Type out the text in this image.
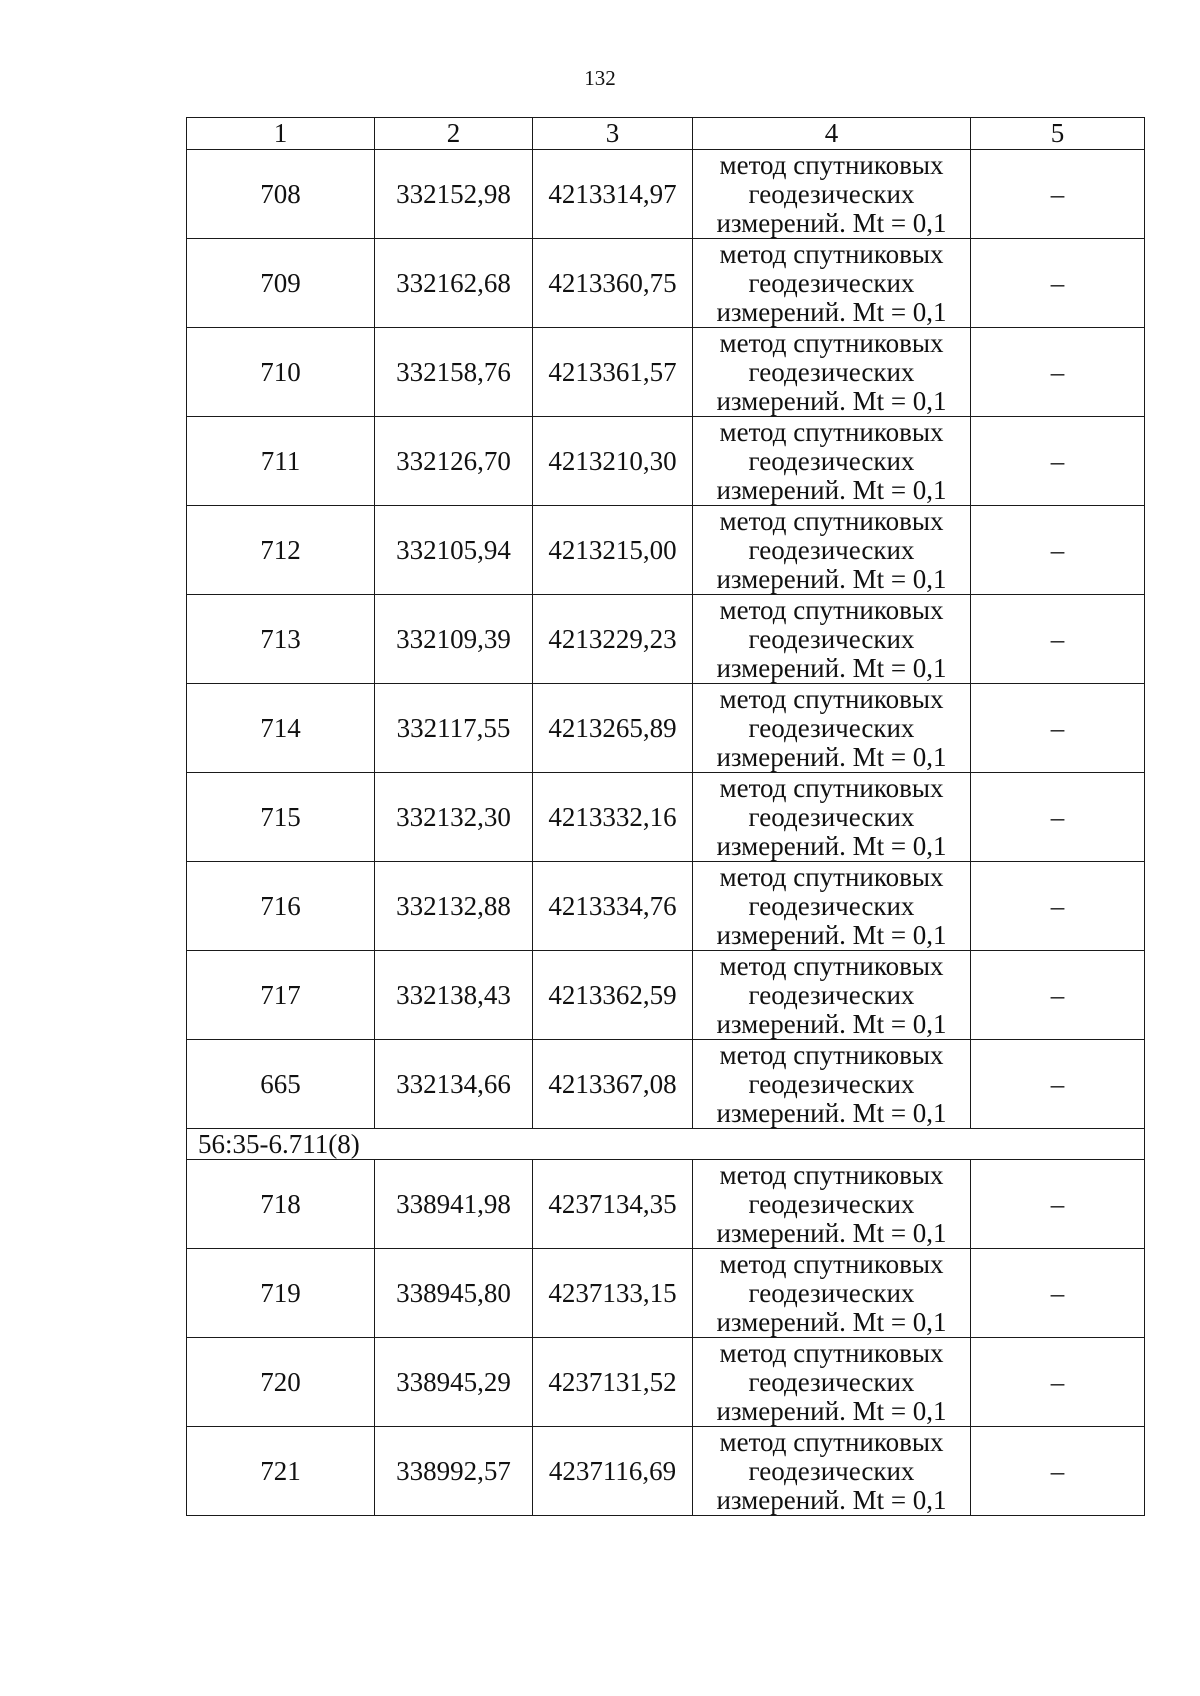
132
1	2	3	4	5
708	332152,98	4213314,97	метод спутниковых
геодезических
измерений. Mt = 0,1	–
709	332162,68	4213360,75	метод спутниковых
геодезических
измерений. Mt = 0,1	–
710	332158,76	4213361,57	метод спутниковых
геодезических
измерений. Mt = 0,1	–
711	332126,70	4213210,30	метод спутниковых
геодезических
измерений. Mt = 0,1	–
712	332105,94	4213215,00	метод спутниковых
геодезических
измерений. Mt = 0,1	–
713	332109,39	4213229,23	метод спутниковых
геодезических
измерений. Mt = 0,1	–
714	332117,55	4213265,89	метод спутниковых
геодезических
измерений. Mt = 0,1	–
715	332132,30	4213332,16	метод спутниковых
геодезических
измерений. Mt = 0,1	–
716	332132,88	4213334,76	метод спутниковых
геодезических
измерений. Mt = 0,1	–
717	332138,43	4213362,59	метод спутниковых
геодезических
измерений. Mt = 0,1	–
665	332134,66	4213367,08	метод спутниковых
геодезических
измерений. Mt = 0,1	–
56:35-6.711(8)				
718	338941,98	4237134,35	метод спутниковых
геодезических
измерений. Mt = 0,1	–
719	338945,80	4237133,15	метод спутниковых
геодезических
измерений. Mt = 0,1	–
720	338945,29	4237131,52	метод спутниковых
геодезических
измерений. Mt = 0,1	–
721	338992,57	4237116,69	метод спутниковых
геодезических
измерений. Mt = 0,1	–
